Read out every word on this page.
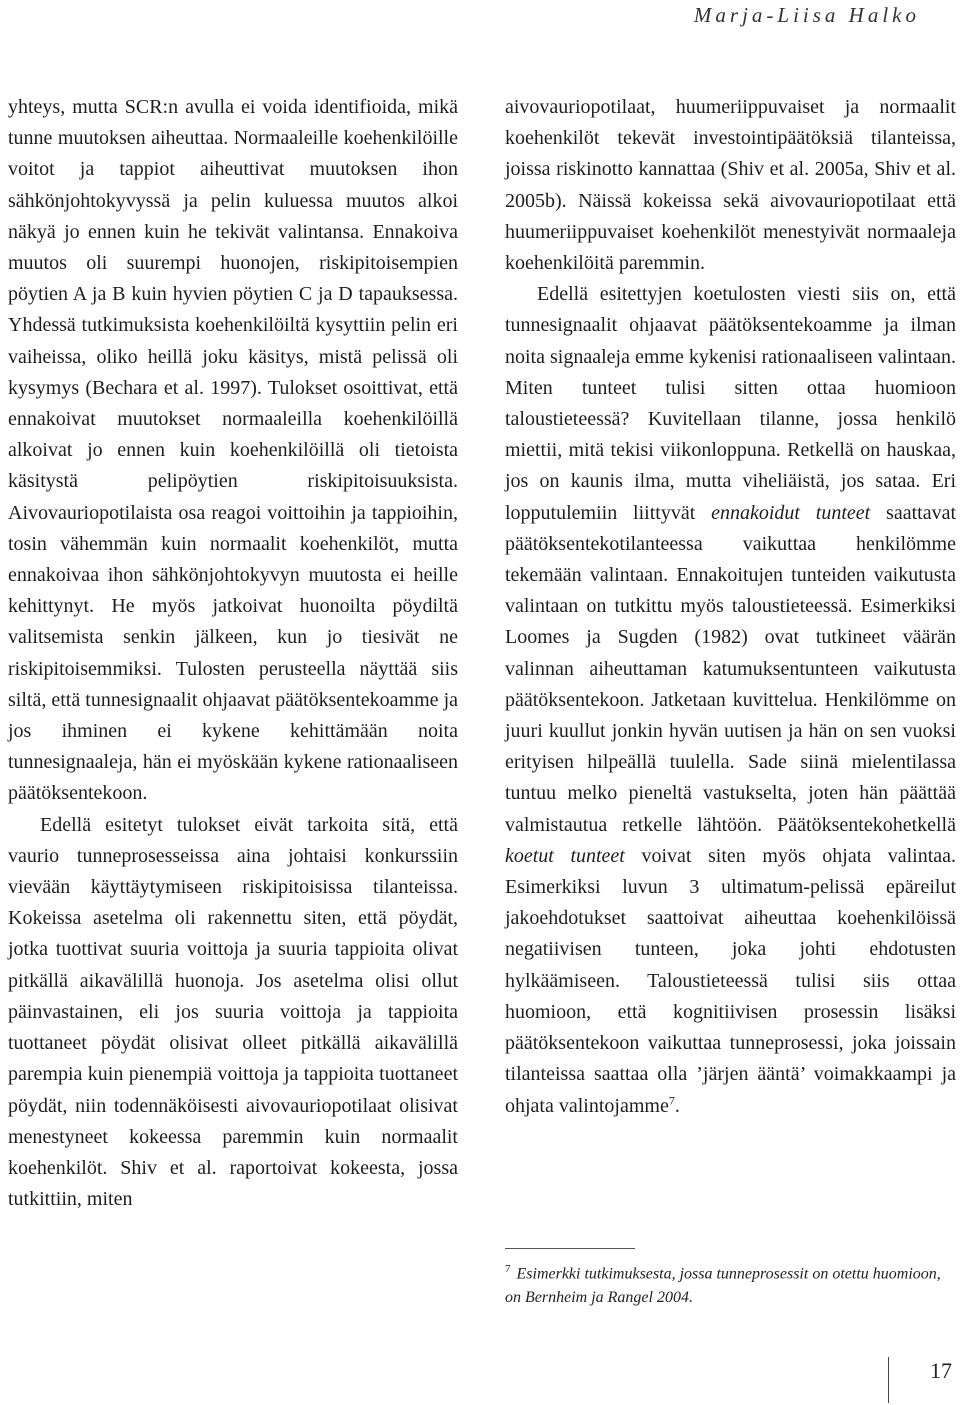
Marja-Liisa Halko

yhteys, mutta SCR:n avulla ei voida identifioida, mikä tunne muutoksen aiheuttaa. Normaaleille koehenkilöille voitot ja tappiot aiheuttivat muutoksen ihon sähkönjohtokyvyssä ja pelin kuluessa muutos alkoi näkyä jo ennen kuin he tekivät valintansa. Ennakoiva muutos oli suurempi huonojen, riskipitoisempien pöytien A ja B kuin hyvien pöytien C ja D tapauksessa. Yhdessä tutkimuksista koehenkilöiltä kysyttiin pelin eri vaiheissa, oliko heillä joku käsitys, mistä pelissä oli kysymys (Bechara et al. 1997). Tulokset osoittivat, että ennakoivat muutokset normaaleilla koehenkilöillä alkoivat jo ennen kuin koehenkilöillä oli tietoista käsitystä pelipöytien riskipitoisuuksista. Aivovauriopotilaista osa reagoi voittoihin ja tappioihin, tosin vähemmän kuin normaalit koehenkilöt, mutta ennakoivaa ihon sähkönjohtokyvyn muutosta ei heille kehittynyt. He myös jatkoivat huonoilta pöydiltä valitsemista senkin jälkeen, kun jo tiesivät ne riskipitoisemmiksi. Tulosten perusteella näyttää siis siltä, että tunnesignaalit ohjaavat päätöksentekoamme ja jos ihminen ei kykene kehittämään noita tunnesignaaleja, hän ei myöskään kykene rationaaliseen päätöksentekoon.

Edellä esitetyt tulokset eivät tarkoita sitä, että vaurio tunneprosesseissa aina johtaisi konkurssiin vievään käyttäytymiseen riskipitoisissa tilanteissa. Kokeissa asetelma oli rakennettu siten, että pöydät, jotka tuottivat suuria voittoja ja suuria tappioita olivat pitkällä aikavälillä huonoja. Jos asetelma olisi ollut päinvastainen, eli jos suuria voittoja ja tappioita tuottaneet pöydät olisivat olleet pitkällä aikavälillä parempia kuin pienempiä voittoja ja tappioita tuottaneet pöydät, niin todennäköisesti aivovauriopotilaat olisivat menestyneet kokeessa paremmin kuin normaalit koehenkilöt. Shiv et al. raportoivat kokeesta, jossa tutkittiin, miten

aivovauriopotilaat, huumeriippuvaiset ja normaalit koehenkilöt tekevät investointipäätöksiä tilanteissa, joissa riskinotto kannattaa (Shiv et al. 2005a, Shiv et al. 2005b). Näissä kokeissa sekä aivovauriopotilaat että huumeriippuvaiset koehenkilöt menestyivät normaaleja koehenkilöitä paremmin.

Edellä esitettyjen koetulosten viesti siis on, että tunnesignaalit ohjaavat päätöksentekoamme ja ilman noita signaaleja emme kykenisi rationaaliseen valintaan. Miten tunteet tulisi sitten ottaa huomioon taloustieteessä? Kuvitellaan tilanne, jossa henkilö miettii, mitä tekisi viikonloppuna. Retkellä on hauskaa, jos on kaunis ilma, mutta viheliäistä, jos sataa. Eri lopputulemiin liittyvät ennakoidut tunteet saattavat päätöksentekotilanteessa vaikuttaa henkilömme tekemään valintaan. Ennakoitujen tunteiden vaikutusta valintaan on tutkittu myös taloustieteessä. Esimerkiksi Loomes ja Sugden (1982) ovat tutkineet väärän valinnan aiheuttaman katumuksentunteen vaikutusta päätöksentekoon. Jatketaan kuvittelua. Henkilömme on juuri kuullut jonkin hyvän uutisen ja hän on sen vuoksi erityisen hilpeällä tuulella. Sade siinä mielentilassa tuntuu melko pieneltä vastukselta, joten hän päättää valmistautua retkelle lähtöön. Päätöksentekohetkellä koetut tunteet voivat siten myös ohjata valintaa. Esimerkiksi luvun 3 ultimatum-pelissä epäreilut jakoehdotukset saattoivat aiheuttaa koehenkilöissä negatiivisen tunteen, joka johti ehdotusten hylkäämiseen. Taloustieteessä tulisi siis ottaa huomioon, että kognitiivisen prosessin lisäksi päätöksentekoon vaikuttaa tunneprosessi, joka joissain tilanteissa saattaa olla ’järjen ääntä’ voimakkaampi ja ohjata valintojamme$^7$.

$^7$ Esimerkki tutkimuksesta, jossa tunneprosessit on otettu huomioon, on Bernheim ja Rangel 2004.
17
